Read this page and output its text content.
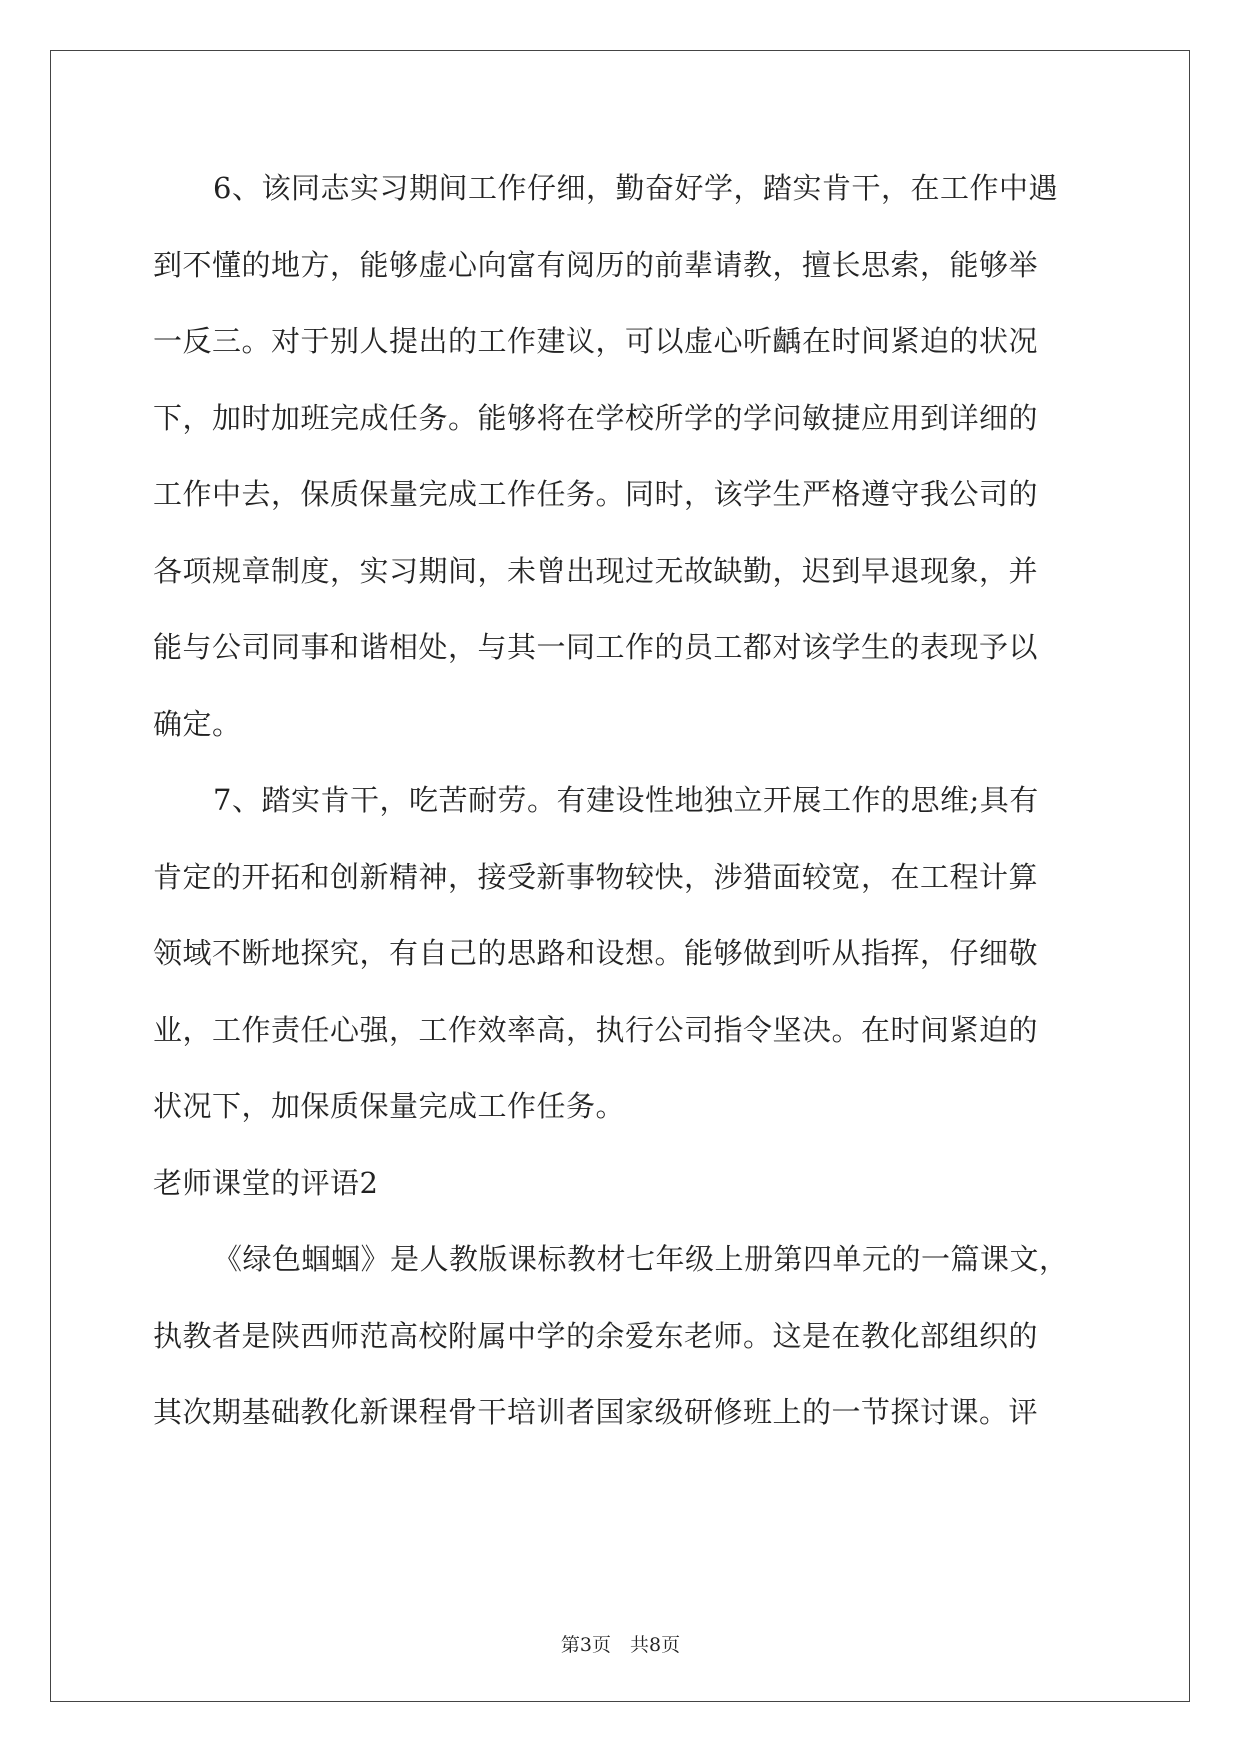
6、该同志实习期间工作仔细，勤奋好学，踏实肯干，在工作中遇
到不懂的地方，能够虚心向富有阅历的前辈请教，擅长思索，能够举
一反三。对于别人提出的工作建议，可以虚心听齲在时间紧迫的状况
下，加时加班完成任务。能够将在学校所学的学问敏捷应用到详细的
工作中去，保质保量完成工作任务。同时，该学生严格遵守我公司的
各项规章制度，实习期间，未曾出现过无故缺勤，迟到早退现象，并
能与公司同事和谐相处，与其一同工作的员工都对该学生的表现予以
确定。
7、踏实肯干，吃苦耐劳。有建设性地独立开展工作的思维;具有
肯定的开拓和创新精神，接受新事物较快，涉猎面较宽，在工程计算
领域不断地探究，有自己的思路和设想。能够做到听从指挥，仔细敬
业，工作责任心强，工作效率高，执行公司指令坚决。在时间紧迫的
状况下，加保质保量完成工作任务。
老师课堂的评语2
《绿色蝈蝈》是人教版课标教材七年级上册第四单元的一篇课文，
执教者是陕西师范高校附属中学的余爱东老师。这是在教化部组织的
其次期基础教化新课程骨干培训者国家级研修班上的一节探讨课。评
第3页　共8页
